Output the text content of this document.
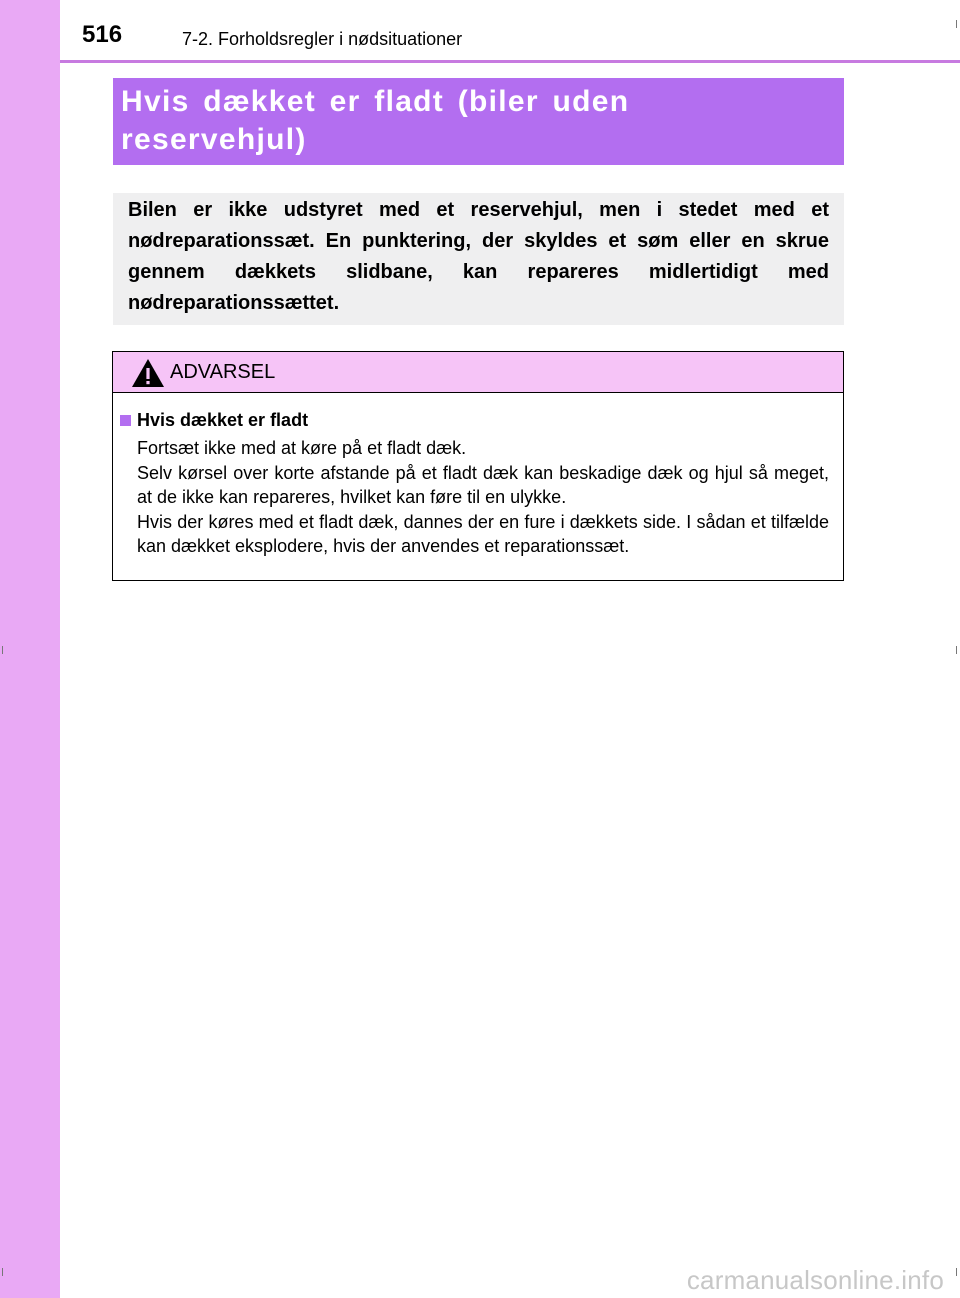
516	7-2. Forholdsregler i nødsituationer
Hvis dækket er fladt (biler uden
reservehjul)
Bilen er ikke udstyret med et reservehjul, men i stedet med et nødreparationssæt. En punktering, der skyldes et søm eller en skrue gennem dækkets slidbane, kan repareres midlertidigt med nødreparationssættet.
ADVARSEL
Hvis dækket er fladt

Fortsæt ikke med at køre på et fladt dæk.

Selv kørsel over korte afstande på et fladt dæk kan beskadige dæk og hjul så meget, at de ikke kan repareres, hvilket kan føre til en ulykke.

Hvis der køres med et fladt dæk, dannes der en fure i dækkets side. I sådan et tilfælde kan dækket eksplodere, hvis der anvendes et reparationssæt.

carmanualsonline.info
